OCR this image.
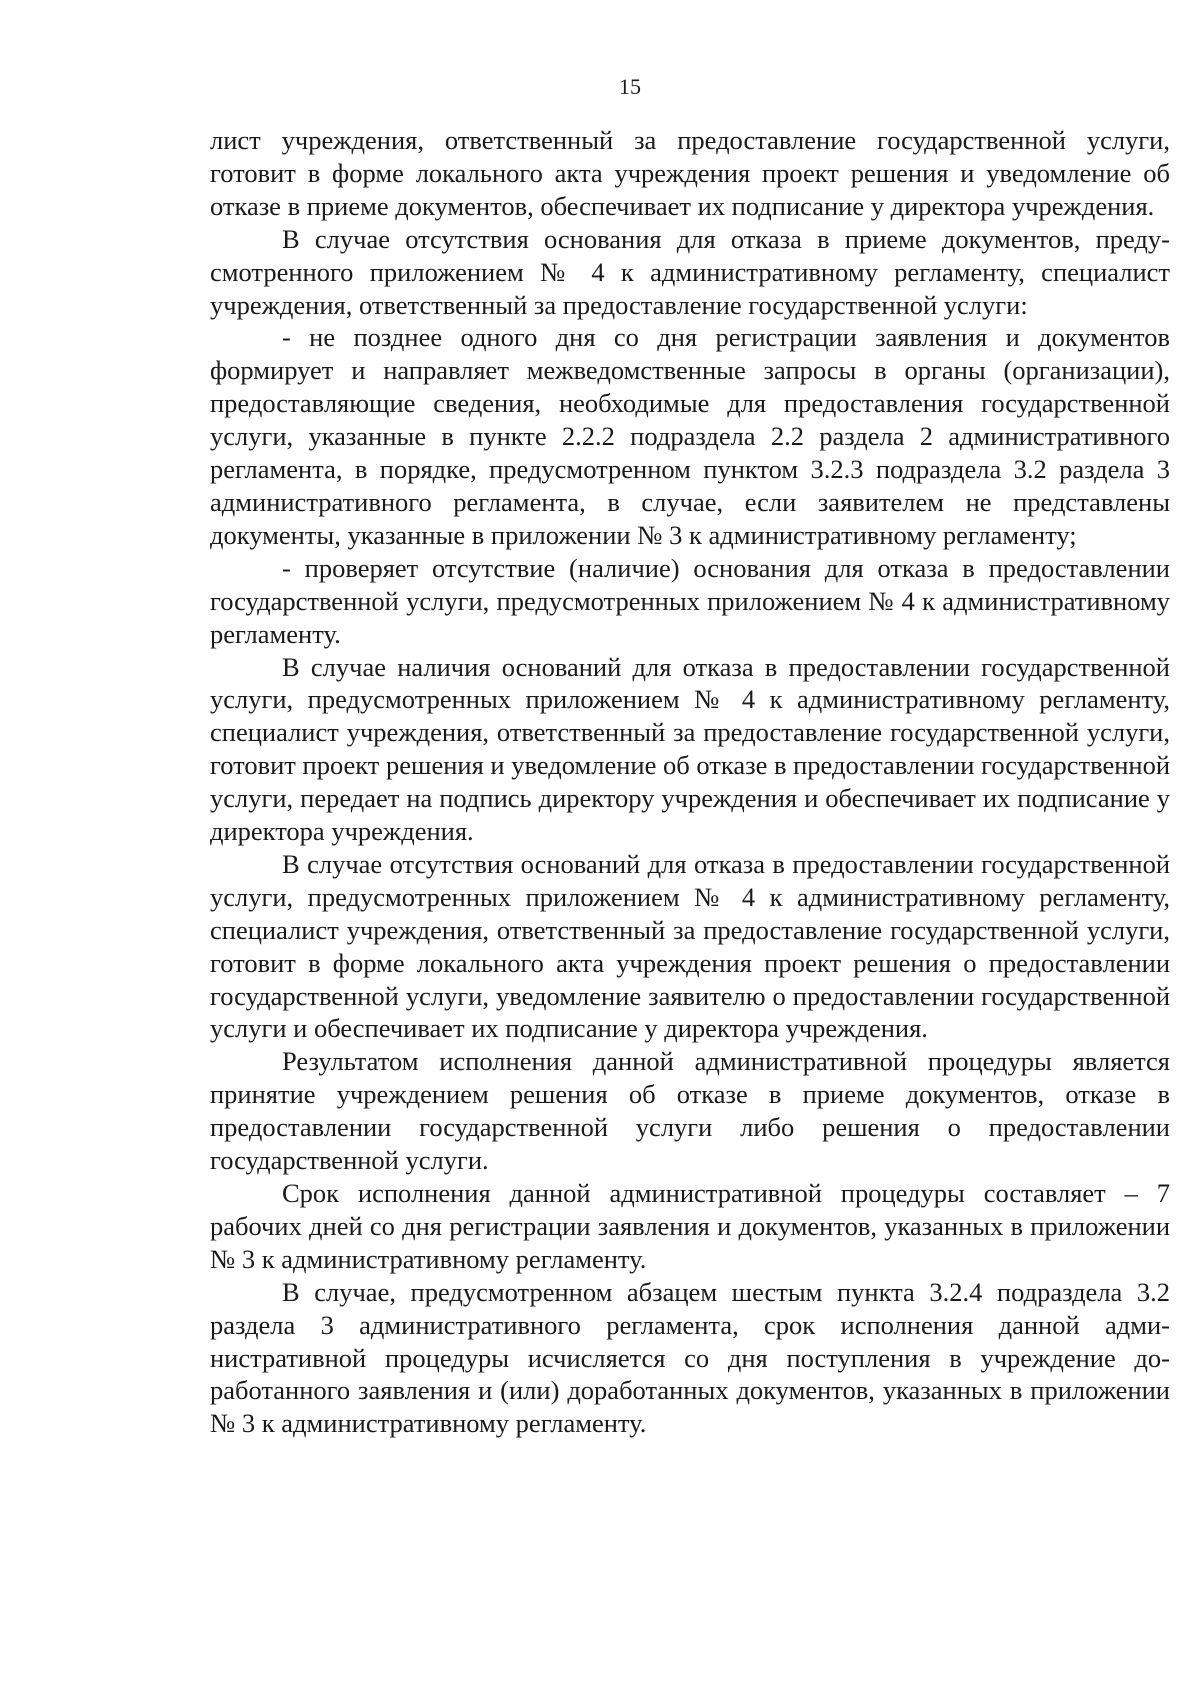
15

лист учреждения, ответственный за предоставление государственной услуги, готовит в форме локального акта учреждения проект решения и уведомление об отказе в приеме документов, обеспечивает их подписание у директора учреждения.

В случае отсутствия основания для отказа в приеме документов, предусмотренного приложением № 4 к административному регламенту, специалист учреждения, ответственный за предоставление государственной услуги:

- не позднее одного дня со дня регистрации заявления и документов формирует и направляет межведомственные запросы в органы (организации), предоставляющие сведения, необходимые для предоставления государственной услуги, указанные в пункте 2.2.2 подраздела 2.2 раздела 2 административного регламента, в порядке, предусмотренном пунктом 3.2.3 подраздела 3.2 раздела 3 административного регламента, в случае, если заявителем не представлены документы, указанные в приложении № 3 к административному регламенту;

- проверяет отсутствие (наличие) основания для отказа в предоставлении государственной услуги, предусмотренных приложением № 4 к административному регламенту.

В случае наличия оснований для отказа в предоставлении государственной услуги, предусмотренных приложением № 4 к административному регламенту, специалист учреждения, ответственный за предоставление государственной услуги, готовит проект решения и уведомление об отказе в предоставлении государственной услуги, передает на подпись директору учреждения и обеспечивает их подписание у директора учреждения.

В случае отсутствия оснований для отказа в предоставлении государственной услуги, предусмотренных приложением № 4 к административному регламенту, специалист учреждения, ответственный за предоставление государственной услуги, готовит в форме локального акта учреждения проект решения о предоставлении государственной услуги, уведомление заявителю о предоставлении государственной услуги и обеспечивает их подписание у директора учреждения.

Результатом исполнения данной административной процедуры является принятие учреждением решения об отказе в приеме документов, отказе в предоставлении государственной услуги либо решения о предоставлении государственной услуги.

Срок исполнения данной административной процедуры составляет – 7 рабочих дней со дня регистрации заявления и документов, указанных в приложении № 3 к административному регламенту.

В случае, предусмотренном абзацем шестым пункта 3.2.4 подраздела 3.2 раздела 3 административного регламента, срок исполнения данной административной процедуры исчисляется со дня поступления в учреждение доработанного заявления и (или) доработанных документов, указанных в приложении № 3 к административному регламенту.
